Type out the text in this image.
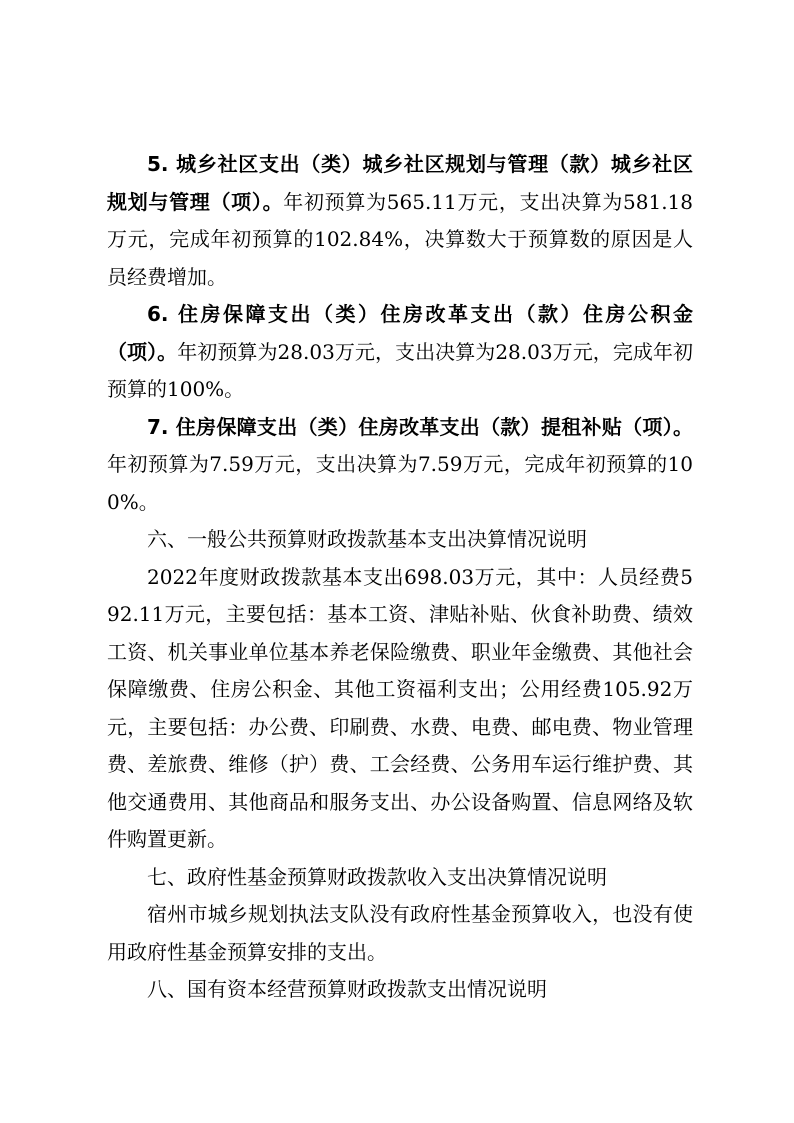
5. 城乡社区支出（类）城乡社区规划与管理（款）城乡社区规划与管理（项）。年初预算为565.11万元，支出决算为581.18万元，完成年初预算的102.84%，决算数大于预算数的原因是人员经费增加。

6. 住房保障支出（类）住房改革支出（款）住房公积金（项）。年初预算为28.03万元，支出决算为28.03万元，完成年初预算的100%。

7. 住房保障支出（类）住房改革支出（款）提租补贴（项）。年初预算为7.59万元，支出决算为7.59万元，完成年初预算的100%。

六、一般公共预算财政拨款基本支出决算情况说明

2022年度财政拨款基本支出698.03万元，其中：人员经费592.11万元，主要包括：基本工资、津贴补贴、伙食补助费、绩效工资、机关事业单位基本养老保险缴费、职业年金缴费、其他社会保障缴费、住房公积金、其他工资福利支出；公用经费105.92万元，主要包括：办公费、印刷费、水费、电费、邮电费、物业管理费、差旅费、维修（护）费、工会经费、公务用车运行维护费、其他交通费用、其他商品和服务支出、办公设备购置、信息网络及软件购置更新。

七、政府性基金预算财政拨款收入支出决算情况说明

宿州市城乡规划执法支队没有政府性基金预算收入，也没有使用政府性基金预算安排的支出。

八、国有资本经营预算财政拨款支出情况说明
